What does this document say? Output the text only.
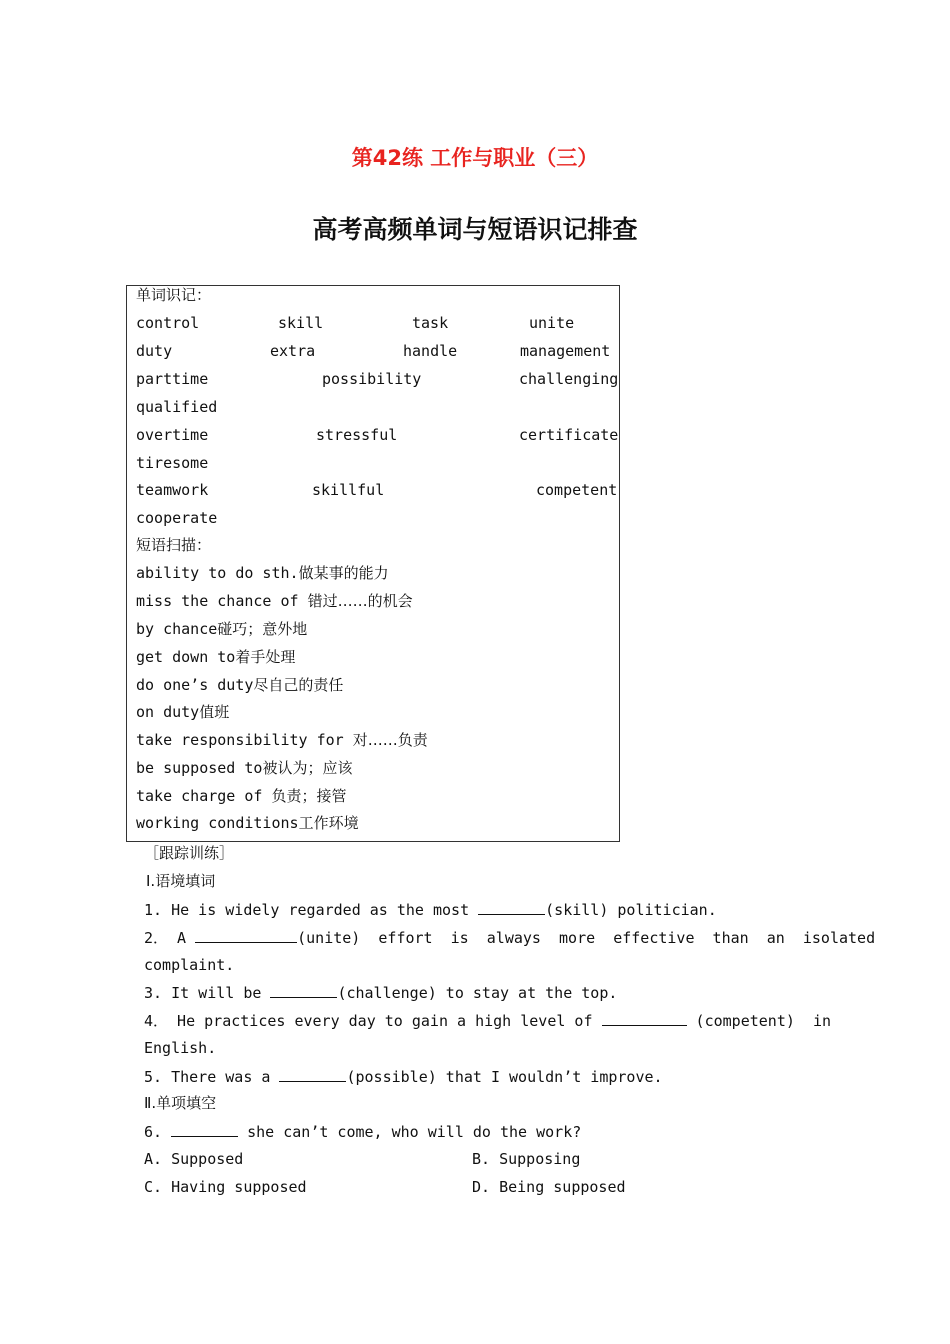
第42练 工作与职业（三）
高考高频单词与短语识记排查
单词识记：
control	skill	task	unite
duty	extra	handle	management
parttime	possibility	challenging
qualified
overtime	stressful	certificate
tiresome
teamwork	skillful	competent
cooperate
短语扫描：
ability to do sth.做某事的能力
miss the chance of 错过……的机会
by chance碰巧；意外地
get down to着手处理
do one’s duty尽自己的责任
on duty值班
take responsibility for 对……负责
be supposed to被认为；应该
take charge of 负责；接管
working conditions工作环境
［跟踪训练］
Ⅰ.语境填词
1. He is widely regarded as the most	(skill) politician.
2． A	(unite)  effort  is  always  more  effective  than  an  isolated
complaint.
3. It will be	(challenge) to stay at the top.
4． He practices every day to gain a high level of	(competent)  in
English.
5. There was a	(possible) that I wouldn’t improve.
Ⅱ.单项填空
6.	she can’t come, who will do the work?
A. Supposed	B. Supposing
C. Having supposed	D. Being supposed
